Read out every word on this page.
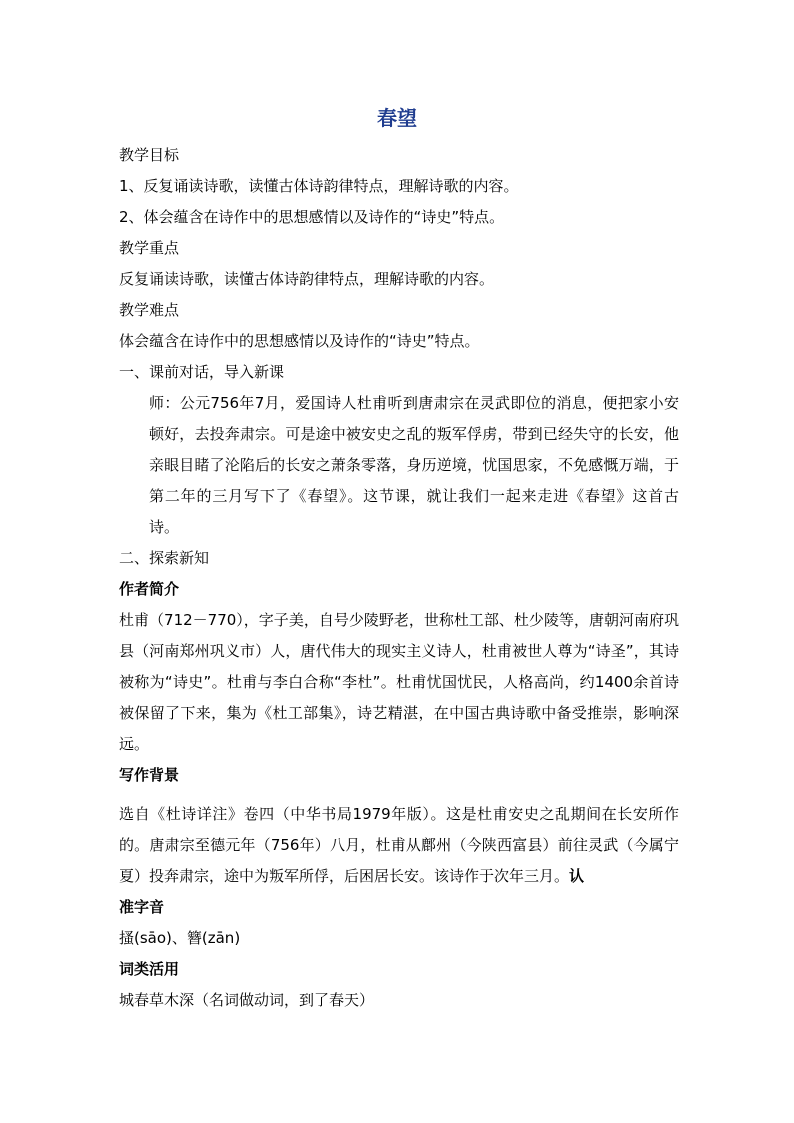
春望
教学目标
1、反复诵读诗歌，读懂古体诗韵律特点，理解诗歌的内容。
2、体会蕴含在诗作中的思想感情以及诗作的“诗史”特点。
教学重点
反复诵读诗歌，读懂古体诗韵律特点，理解诗歌的内容。
教学难点
体会蕴含在诗作中的思想感情以及诗作的“诗史”特点。
一、课前对话，导入新课
师：公元756年7月，爱国诗人杜甫听到唐肃宗在灵武即位的消息，便把家小安顿好，去投奔肃宗。可是途中被安史之乱的叛军俘虏，带到已经失守的长安，他亲眼目睹了沦陷后的长安之萧条零落，身历逆境，忧国思家，不免感慨万端，于第二年的三月写下了《春望》。这节课，就让我们一起来走进《春望》这首古诗。
二、探索新知
作者简介
杜甫（712－770），字子美，自号少陵野老，世称杜工部、杜少陵等，唐朝河南府巩县（河南郑州巩义市）人，唐代伟大的现实主义诗人，杜甫被世人尊为“诗圣”，其诗被称为“诗史”。杜甫与李白合称“李杜”。杜甫忧国忧民，人格高尚，约1400余首诗被保留了下来，集为《杜工部集》，诗艺精湛，在中国古典诗歌中备受推崇，影响深远。
写作背景
选自《杜诗详注》卷四（中华书局1979年版）。这是杜甫安史之乱期间在长安所作的。唐肃宗至德元年（756年）八月，杜甫从鄜州（今陕西富县）前往灵武（今属宁夏）投奔肃宗，途中为叛军所俘，后困居长安。该诗作于次年三月。认
准字音
搔(sāo)、簪(zān)
词类活用
城春草木深（名词做动词，到了春天）
